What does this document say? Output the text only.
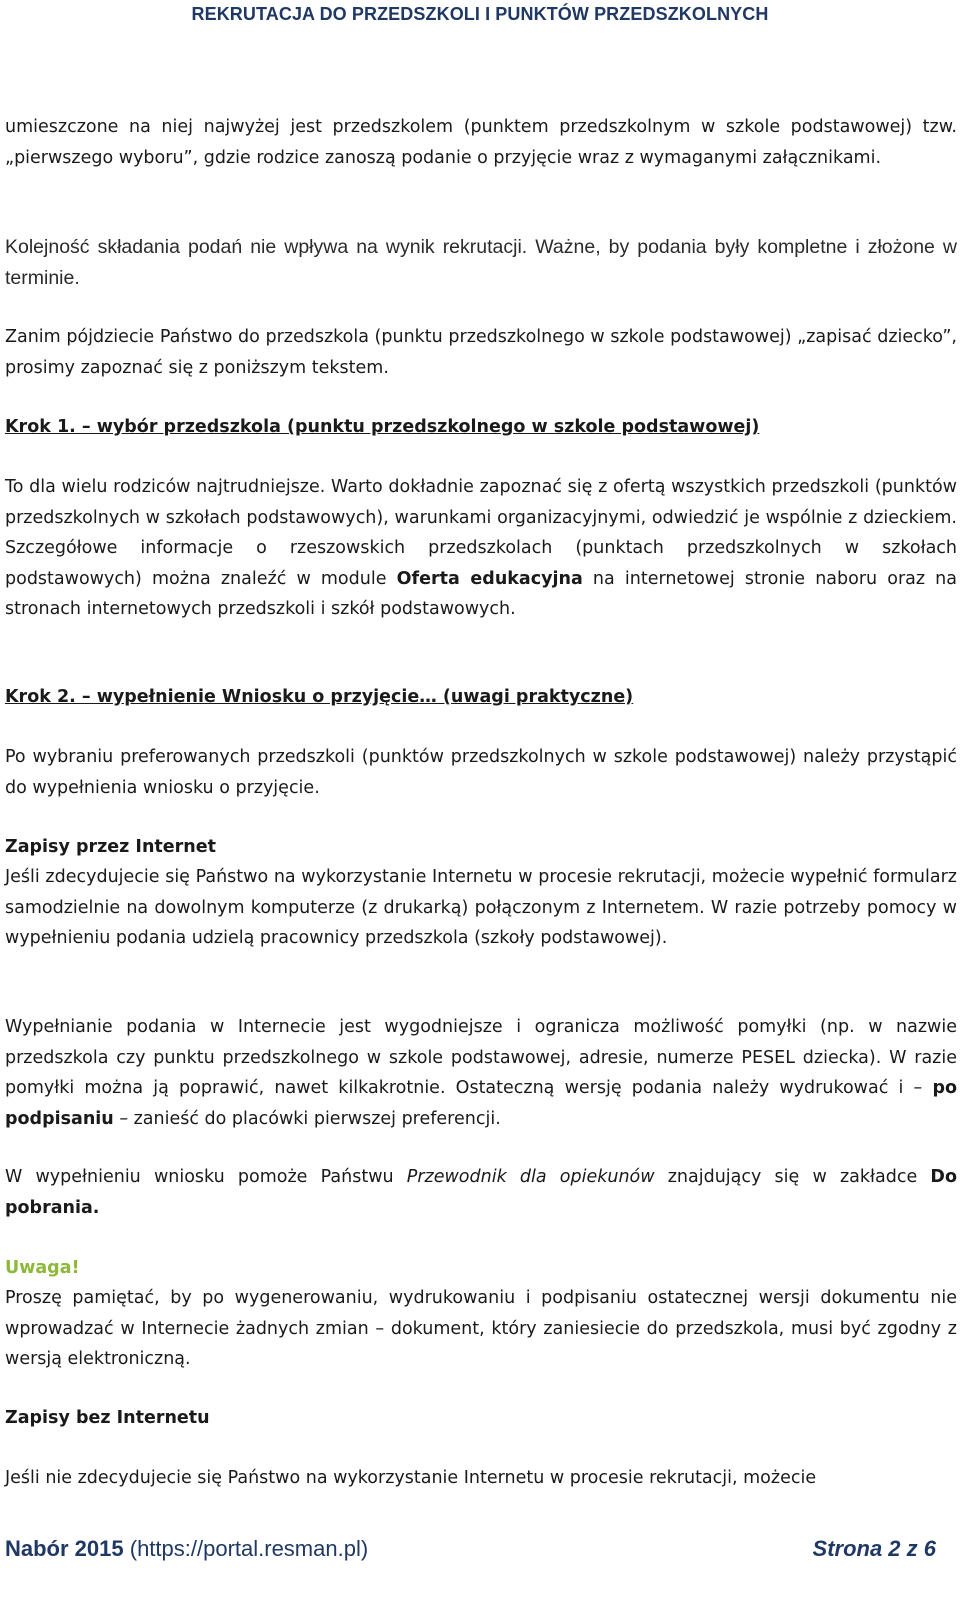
REKRUTACJA DO PRZEDSZKOLI I PUNKTÓW PRZEDSZKOLNYCH
umieszczone na niej najwyżej jest przedszkolem (punktem przedszkolnym w szkole podstawowej) tzw. „pierwszego wyboru”, gdzie rodzice zanoszą podanie o przyjęcie wraz z wymaganymi załącznikami.
Kolejność składania podań nie wpływa na wynik rekrutacji. Ważne, by podania były kompletne i złożone w terminie.
Zanim pójdziecie Państwo do przedszkola (punktu przedszkolnego w szkole podstawowej) „zapisać dziecko”, prosimy zapoznać się z poniższym tekstem.
Krok 1. – wybór przedszkola (punktu przedszkolnego w szkole podstawowej)
To dla wielu rodziców najtrudniejsze. Warto dokładnie zapoznać się z ofertą wszystkich przedszkoli (punktów przedszkolnych w szkołach podstawowych), warunkami organizacyjnymi, odwiedzić je wspólnie z dzieckiem. Szczegółowe informacje o rzeszowskich przedszkolach (punktach przedszkolnych w szkołach podstawowych) można znaleźć w module Oferta edukacyjna na internetowej stronie naboru oraz na stronach internetowych przedszkoli i szkół podstawowych.
Krok 2. – wypełnienie Wniosku o przyjęcie… (uwagi praktyczne)
Po wybraniu preferowanych przedszkoli (punktów przedszkolnych w szkole podstawowej) należy przystąpić do wypełnienia wniosku o przyjęcie.
Zapisy przez Internet
Jeśli zdecydujecie się Państwo na wykorzystanie Internetu w procesie rekrutacji, możecie wypełnić formularz samodzielnie na dowolnym komputerze (z drukarką) połączonym z Internetem. W razie potrzeby pomocy w wypełnieniu podania udzielą pracownicy przedszkola (szkoły podstawowej).
Wypełnianie podania w Internecie jest wygodniejsze i ogranicza możliwość pomyłki (np. w nazwie przedszkola czy punktu przedszkolnego w szkole podstawowej, adresie, numerze PESEL dziecka). W razie pomyłki można ją poprawić, nawet kilkakrotnie. Ostateczną wersję podania należy wydrukować i – po podpisaniu – zanieść do placówki pierwszej preferencji.
W wypełnieniu wniosku pomoże Państwu Przewodnik dla opiekunów znajdujący się w zakładce Do pobrania.
Uwaga!
Proszę pamiętać, by po wygenerowaniu, wydrukowaniu i podpisaniu ostatecznej wersji dokumentu nie wprowadzać w Internecie żadnych zmian – dokument, który zaniesiecie do przedszkola, musi być zgodny z wersją elektroniczną.
Zapisy bez Internetu
Jeśli nie zdecydujecie się Państwo na wykorzystanie Internetu w procesie rekrutacji, możecie
Nabór 2015 (https://portal.resman.pl)	Strona 2 z 6
